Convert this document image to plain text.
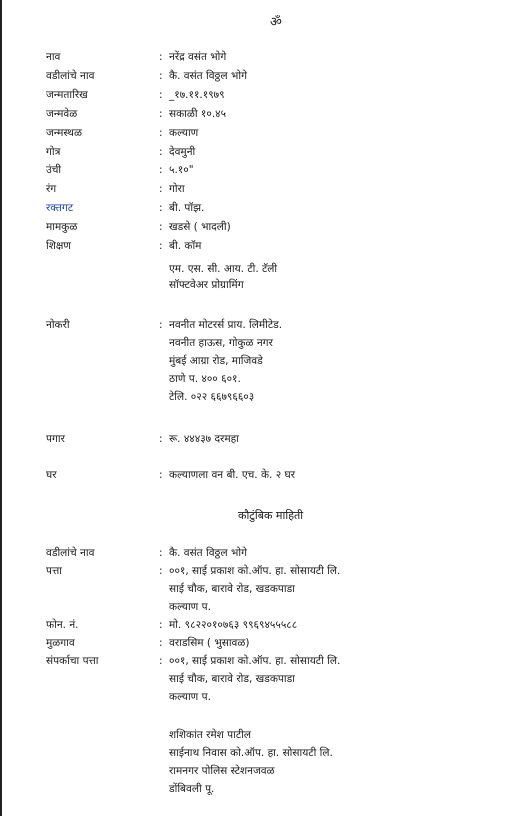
ॐ
नाव	: नरेंद्र वसंत भोगे
वडीलांचे नाव	: कै. वसंत विठ्ठल भोगे
जन्मतारिख	: _१७.११.१९७९
जन्मवेळ	: सकाळी १०.४५
जन्मस्थळ	: कल्याण
गोत्र	: देवमुनी
उंची	: ५.१०"
रंग	: गोरा
रक्तगट	: बी. पॉझ.
मामकुळ	: खडसे ( भादली)
शिक्षण	: बी. कॉम
एम. एस. सी. आय. टी. टॅली
सॉफ्टवेअर प्रोग्रामिंग
नोकरी	: नवनीत मोटरर्स प्राय. लिमीटेड.
नवनीत हाऊस, गोकुळ नगर
मुंबई आग्रा रोड, माजिवडे
ठाणे प. ४०० ६०१.
टेलि. ०२२ ६६७९६६०३
पगार	: रू. ४४४३७ दरमहा
घर	: कल्याणला वन बी. एच. के. २ घर
कौटुंबिक माहिती
वडीलांचे नाव	: कै. वसंत विठ्ठल भोगे
पत्ता	: ००१, साई प्रकाश को.ऑप. हा. सोसायटी लि.
साई चौक, बारावे रोड, खडकपाडा
कल्याण प.
फोन. नं.	: मो. ९८२२०१०७६३ ९९६९४५५५८८
मुळगाव	: वराडसिम ( भुसावळ)
संपर्काचा पत्ता	: ००१, साई प्रकाश को.ऑप. हा. सोसायटी लि.
साई चौक, बारावे रोड, खडकपाडा
कल्याण प.
शशिकांत रमेश पाटील
साईनाथ निवास को.ऑप. हा. सोसायटी लि.
रामनगर पोलिस स्टेशनजवळ
डोंबिवली पू.
